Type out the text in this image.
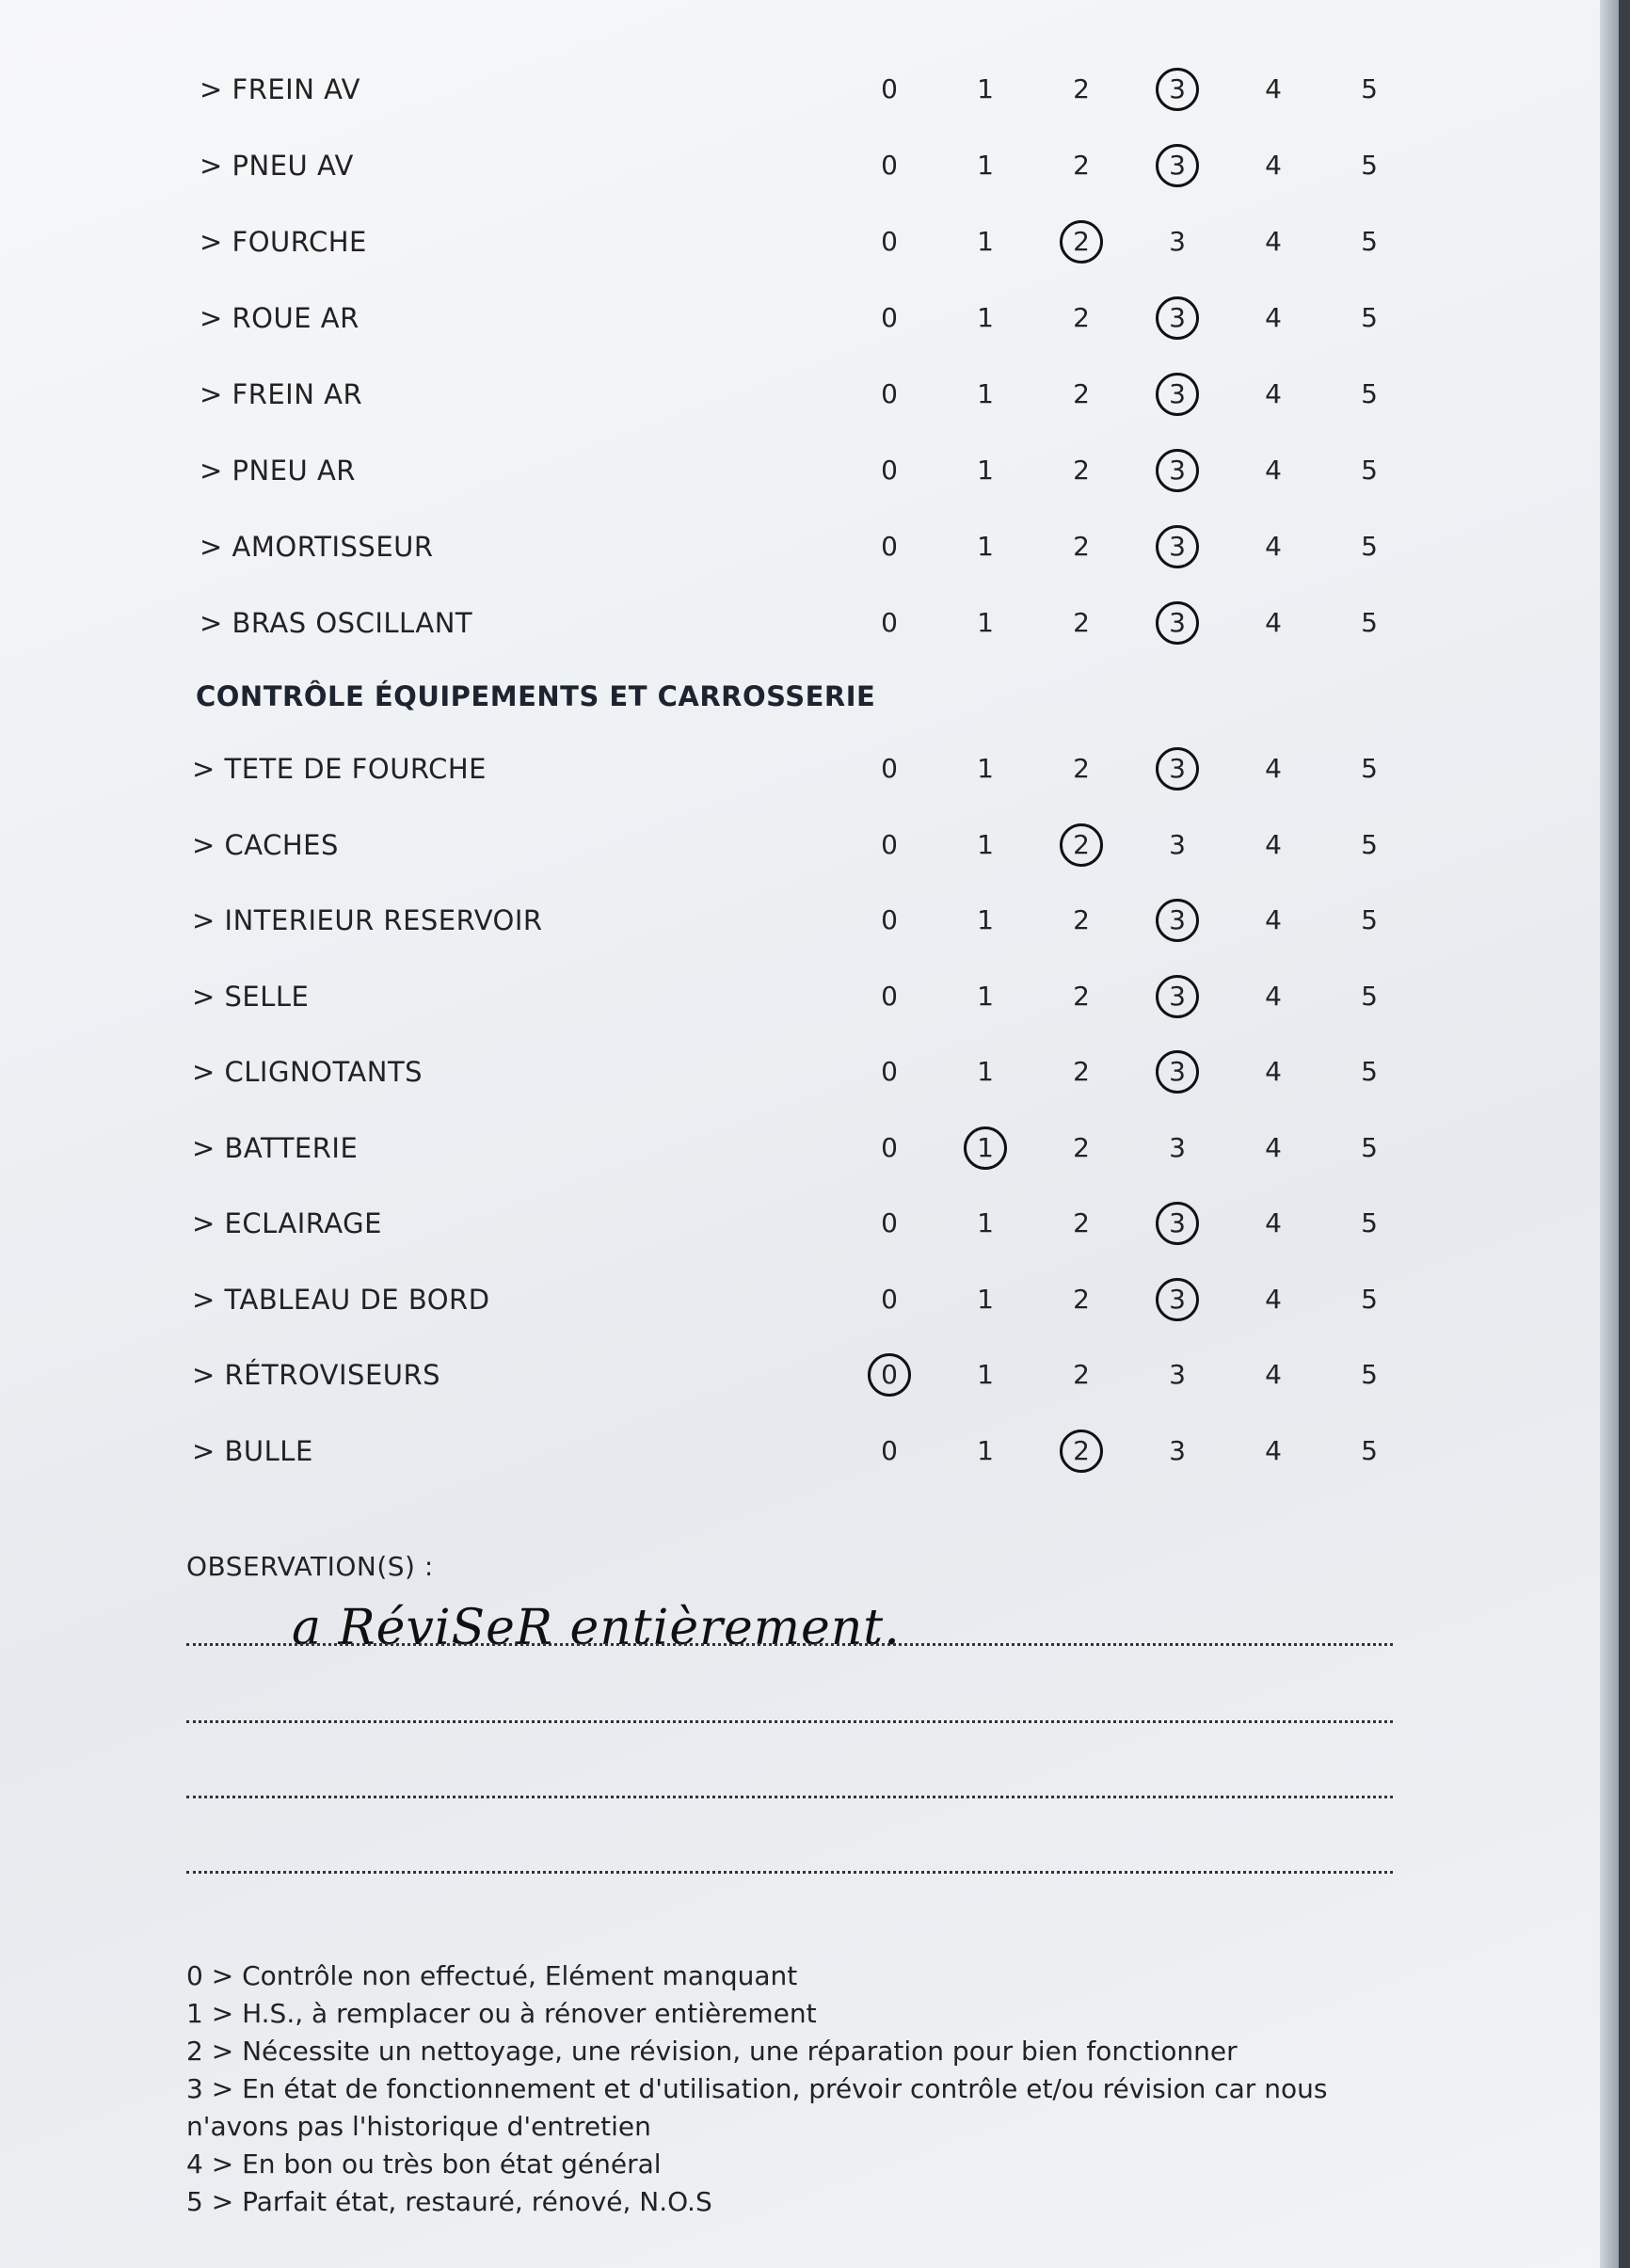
> FREIN AV	0	1	2	3	4	5
> PNEU AV	0	1	2	3	4	5
> FOURCHE	0	1	2	3	4	5
> ROUE AR	0	1	2	3	4	5
> FREIN AR	0	1	2	3	4	5
> PNEU AR	0	1	2	3	4	5
> AMORTISSEUR	0	1	2	3	4	5
> BRAS OSCILLANT	0	1	2	3	4	5
> TETE DE FOURCHE	0	1	2	3	4	5
> CACHES	0	1	2	3	4	5
> INTERIEUR RESERVOIR	0	1	2	3	4	5
> SELLE	0	1	2	3	4	5
> CLIGNOTANTS	0	1	2	3	4	5
> BATTERIE	0	1	2	3	4	5
> ECLAIRAGE	0	1	2	3	4	5
> TABLEAU DE BORD	0	1	2	3	4	5
> RÉTROVISEURS	0	1	2	3	4	5
> BULLE	0	1	2	3	4	5
CONTRÔLE ÉQUIPEMENTS ET CARROSSERIE
OBSERVATION(S) :
a RéviSeR entièrement.
0 > Contrôle non effectué, Elément manquant
1 > H.S., à remplacer ou à rénover entièrement
2 > Nécessite un nettoyage, une révision, une réparation pour bien fonctionner
3 > En état de fonctionnement et d'utilisation, prévoir contrôle et/ou révision car nous
n'avons pas l'historique d'entretien
4 > En bon ou très bon état général
5 > Parfait état, restauré, rénové, N.O.S
